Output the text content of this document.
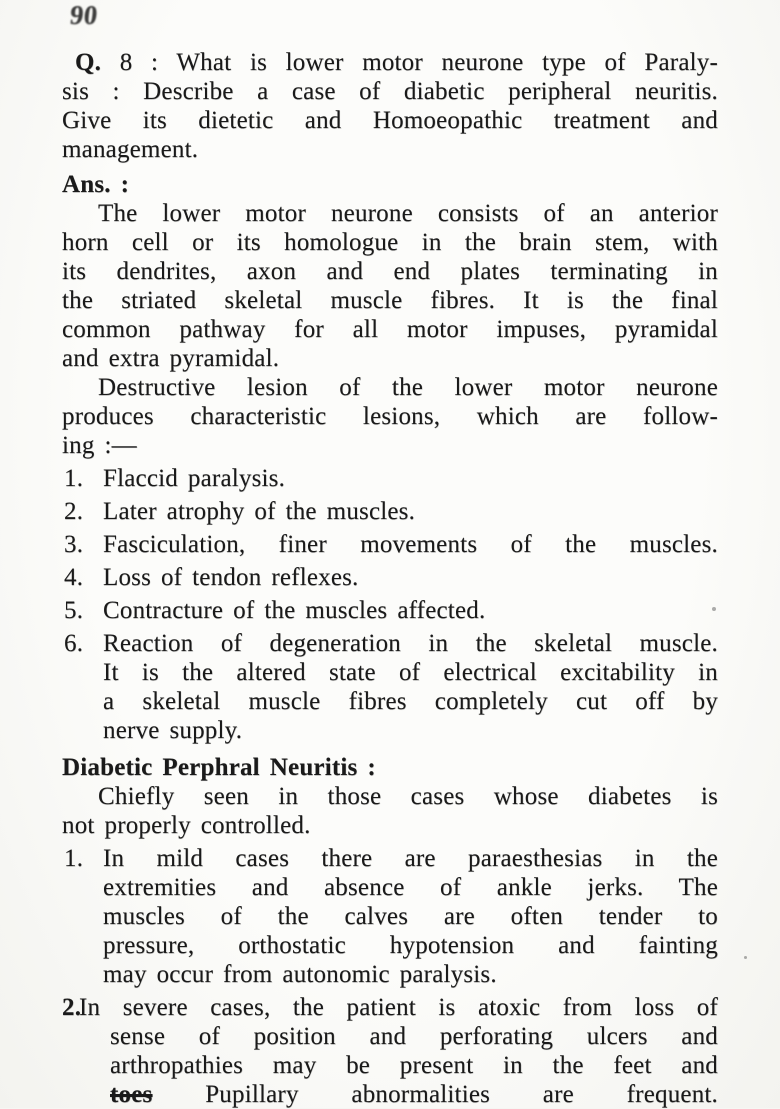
90
Q. 8 : What is lower motor neurone type of Paraly-
sis : Describe a case of diabetic peripheral neuritis.
Give its dietetic and Homoeopathic treatment and
management.
Ans. :
The lower motor neurone consists of an anterior
horn cell or its homologue in the brain stem, with
its dendrites, axon and end plates terminating in
the striated skeletal muscle fibres. It is the final
common pathway for all motor impuses, pyramidal
and extra pyramidal.
Destructive lesion of the lower motor neurone
produces characteristic lesions, which are follow-
ing :—
1. Flaccid paralysis.
2. Later atrophy of the muscles.
3. Fasciculation, finer movements of the muscles.
4. Loss of tendon reflexes.
5. Contracture of the muscles affected.
6. Reaction of degeneration in the skeletal muscle.
It is the altered state of electrical excitability in
a skeletal muscle fibres completely cut off by
nerve supply.
Diabetic Perphral Neuritis :
Chiefly seen in those cases whose diabetes is
not properly controlled.
1. In mild cases there are paraesthesias in the
extremities and absence of ankle jerks. The
muscles of the calves are often tender to
pressure, orthostatic hypotension and fainting
may occur from autonomic paralysis.
2.
In severe cases, the patient is atoxic from loss of
sense of position and perforating ulcers and
arthropathies may be present in the feet and
toes Pupillary abnormalities are frequent.
